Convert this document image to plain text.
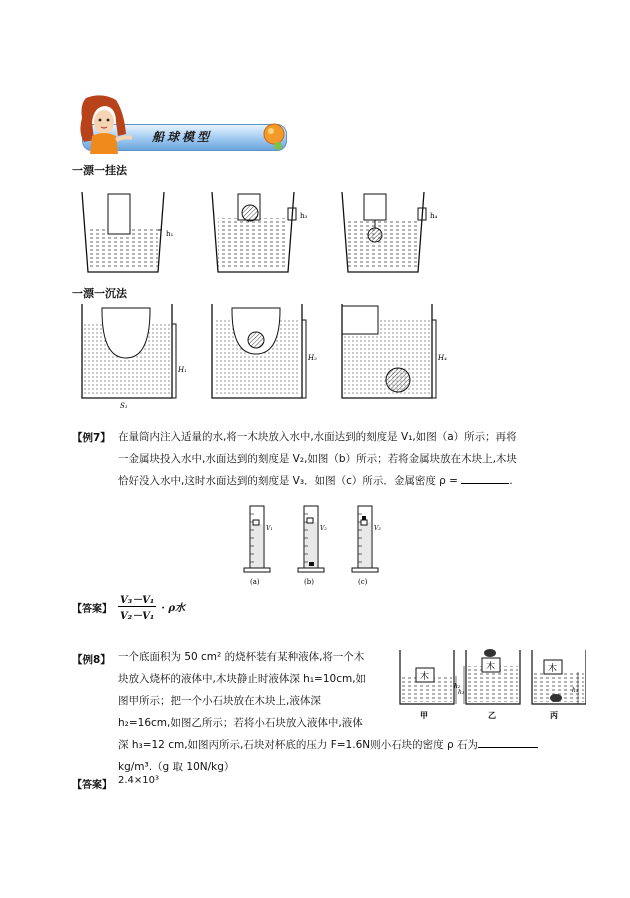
船球模型
一漂一挂法
h₁
h₃	h₄
一漂一沉法
H₁
S₁
H₂	H₄
【例7】 在量筒内注入适量的水,将一木块放入水中,水面达到的刻度是 V₁,如图（a）所示；再将
一金属块投入水中,水面达到的刻度是 V₂,如图（b）所示；若将金属块放在木块上,木块
恰好没入水中,这时水面达到的刻度是 V₃．如图（c）所示．金属密度 ρ =	.
V₁
(a)
V₂
(b)
V₃
(c)
【答案】 $\frac{\text{V₃－V₁}}{\text{V₂－V₁}} \cdot \rho$水
【例8】 一个底面积为 50 cm² 的烧杯装有某种液体,将一个木
块放入烧杯的液体中,木块静止时液体深 h₁=10cm,如
图甲所示；把一个小石块放在木块上,液体深
h₂=16cm,如图乙所示；若将小石块放入液体中,液体
深 h₃=12 cm,如图丙所示,石块对杯底的压力 F=1.6N则小石块的密度 ρ 石为
kg/m³.（g 取 10N/kg）
木
h₁
甲
木
h₂
乙
木
h₃
丙
【答案】 2.4×10³
